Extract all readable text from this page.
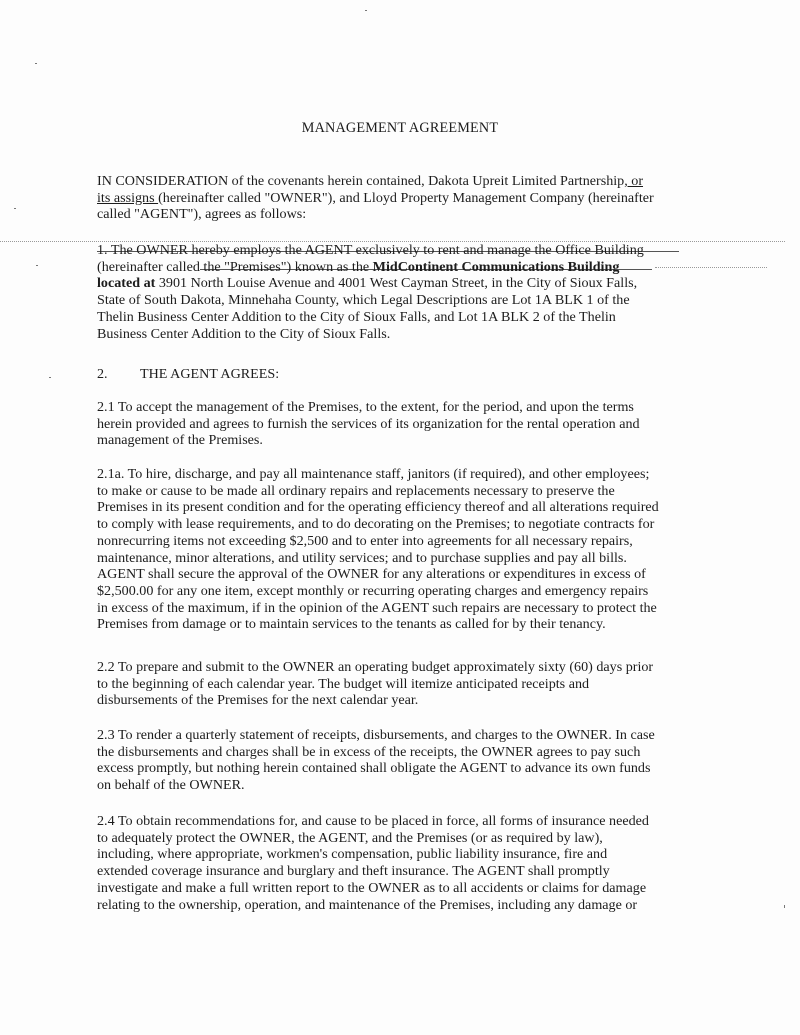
MANAGEMENT AGREEMENT
IN CONSIDERATION of the covenants herein contained, Dakota Upreit Limited Partnership, or
its assigns (hereinafter called "OWNER"), and Lloyd Property Management Company (hereinafter
called "AGENT"), agrees as follows:
1. The OWNER hereby employs the AGENT exclusively to rent and manage the Office Building
(hereinafter called the "Premises") known as the MidContinent Communications Building
located at 3901 North Louise Avenue and 4001 West Cayman Street, in the City of Sioux Falls,
State of South Dakota, Minnehaha County, which Legal Descriptions are Lot 1A BLK 1 of the
Thelin Business Center Addition to the City of Sioux Falls, and Lot 1A BLK 2 of the Thelin
Business Center Addition to the City of Sioux Falls.
2. THE AGENT AGREES:
2.1 To accept the management of the Premises, to the extent, for the period, and upon the terms
herein provided and agrees to furnish the services of its organization for the rental operation and
management of the Premises.
2.1a. To hire, discharge, and pay all maintenance staff, janitors (if required), and other employees;
to make or cause to be made all ordinary repairs and replacements necessary to preserve the
Premises in its present condition and for the operating efficiency thereof and all alterations required
to comply with lease requirements, and to do decorating on the Premises; to negotiate contracts for
nonrecurring items not exceeding $2,500 and to enter into agreements for all necessary repairs,
maintenance, minor alterations, and utility services; and to purchase supplies and pay all bills.
AGENT shall secure the approval of the OWNER for any alterations or expenditures in excess of
$2,500.00 for any one item, except monthly or recurring operating charges and emergency repairs
in excess of the maximum, if in the opinion of the AGENT such repairs are necessary to protect the
Premises from damage or to maintain services to the tenants as called for by their tenancy.
2.2 To prepare and submit to the OWNER an operating budget approximately sixty (60) days prior
to the beginning of each calendar year. The budget will itemize anticipated receipts and
disbursements of the Premises for the next calendar year.
2.3 To render a quarterly statement of receipts, disbursements, and charges to the OWNER. In case
the disbursements and charges shall be in excess of the receipts, the OWNER agrees to pay such
excess promptly, but nothing herein contained shall obligate the AGENT to advance its own funds
on behalf of the OWNER.
2.4 To obtain recommendations for, and cause to be placed in force, all forms of insurance needed
to adequately protect the OWNER, the AGENT, and the Premises (or as required by law),
including, where appropriate, workmen's compensation, public liability insurance, fire and
extended coverage insurance and burglary and theft insurance. The AGENT shall promptly
investigate and make a full written report to the OWNER as to all accidents or claims for damage
relating to the ownership, operation, and maintenance of the Premises, including any damage or
